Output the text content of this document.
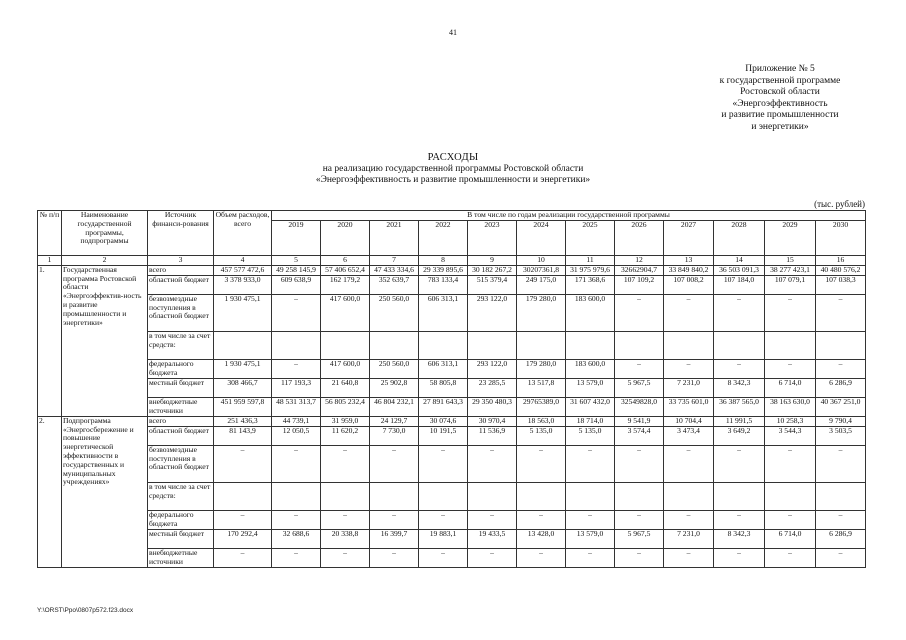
41
Приложение № 5
к государственной программе
Ростовской области
«Энергоэффективность
и развитие промышленности
и энергетики»
РАСХОДЫ
на реализацию государственной программы Ростовской области
«Энергоэффективность и развитие промышленности и энергетики»
(тыс. рублей)
№ п/п	Наименование государственной программы, подпрограммы	Источник финанси-рования	Объем расходов, всего	В том числе по годам реализации государственной программы											
				2019	2020	2021	2022	2023	2024	2025	2026	2027	2028	2029	2030
1	2	3	4	5	6	7	8	9	10	11	12	13	14	15	16
1.	Государственная программа Ростовской области «Энергоэффектив-ность и развитие промышленности и энергетики»	всего	457 577 472,6	49 258 145,9	57 406 652,4	47 433 334,6	29 339 895,6	30 182 267,2	30207361,8	31 975 979,6	32662904,7	33 849 840,2	36 503 091,3	38 277 423,1	40 480 576,2
		областной бюджет	3 378 933,0	609 638,9	162 179,2	352 639,7	783 133,4	515 379,4	249 175,0	171 368,6	107 109,2	107 008,2	107 184,0	107 079,1	107 038,3
		безвозмездные поступления в областной бюджет	1 930 475,1	–	417 600,0	250 560,0	606 313,1	293 122,0	179 280,0	183 600,0	–	–	–	–	–
		в том числе за счет средств:													
		федерального бюджета	1 930 475,1	–	417 600,0	250 560,0	606 313,1	293 122,0	179 280,0	183 600,0	–	–	–	–	–
		местный бюджет	308 466,7	117 193,3	21 640,8	25 902,8	58 805,8	23 285,5	13 517,8	13 579,0	5 967,5	7 231,0	8 342,3	6 714,0	6 286,9
		внебюджетные источники	451 959 597,8	48 531 313,7	56 805 232,4	46 804 232,1	27 891 643,3	29 350 480,3	29765389,0	31 607 432,0	32549828,0	33 735 601,0	36 387 565,0	38 163 630,0	40 367 251,0
2.	Подпрограмма «Энергосбережение и повышение энергетической эффективности в государственных и муниципальных учреждениях»	всего	251 436,3	44 739,1	31 959,0	24 129,7	30 074,6	30 970,4	18 563,0	18 714,0	9 541,9	10 704,4	11 991,5	10 258,3	9 790,4
		областной бюджет	81 143,9	12 050,5	11 620,2	7 730,0	10 191,5	11 536,9	5 135,0	5 135,0	3 574,4	3 473,4	3 649,2	3 544,3	3 503,5
		безвозмездные поступления в областной бюджет	–	–	–	–	–	–	–	–	–	–	–	–	–
		в том числе за счет средств:													
		федерального бюджета	–	–	–	–	–	–	–	–	–	–	–	–	–
		местный бюджет	170 292,4	32 688,6	20 338,8	16 399,7	19 883,1	19 433,5	13 428,0	13 579,0	5 967,5	7 231,0	8 342,3	6 714,0	6 286,9
		внебюджетные источники	–	–	–	–	–	–	–	–	–	–	–	–	–
Y:\ORST\Ppo\0807p572.f23.docx
